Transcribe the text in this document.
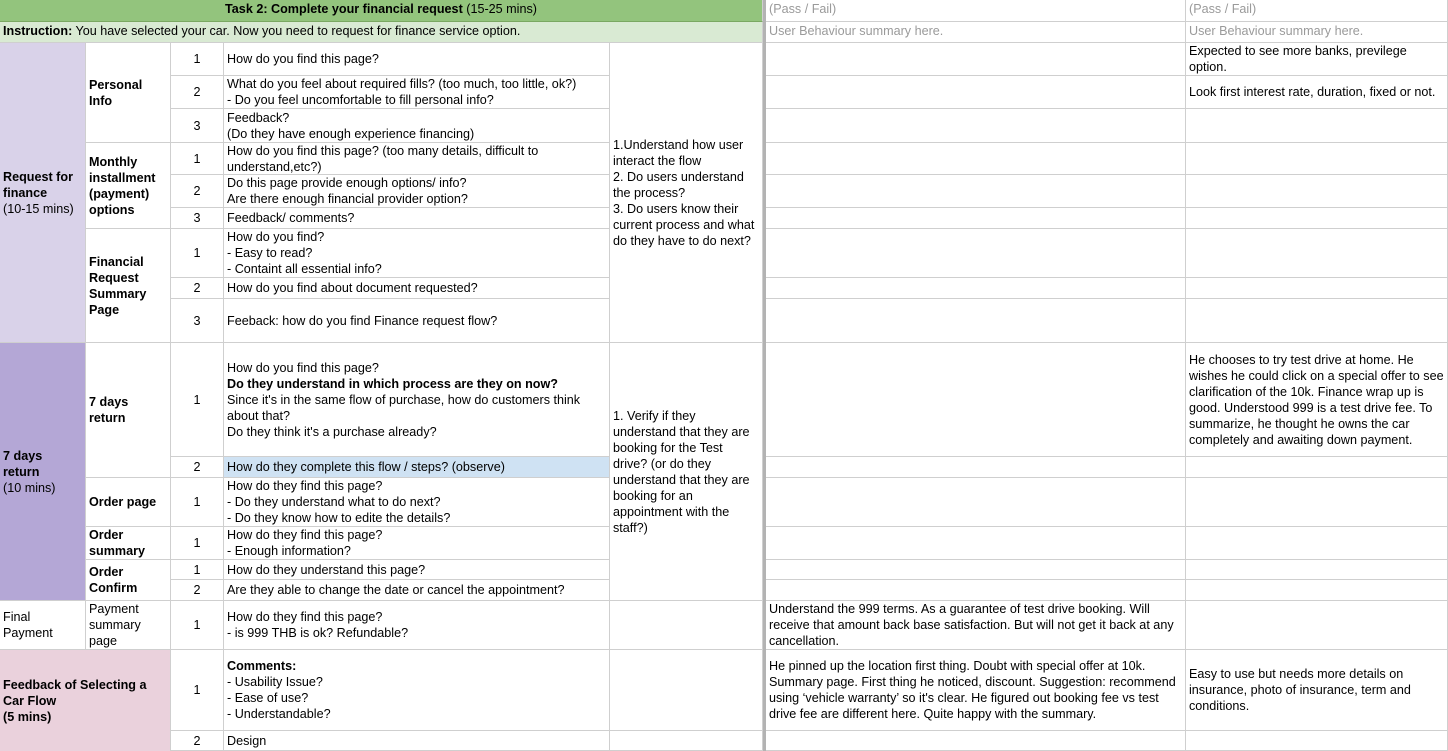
Task 2: Complete your financial request (15-25 mins)
Instruction: You have selected your car. Now you need to request for finance service option.
(Pass / Fail)
User Behaviour summary here.
(Pass / Fail)
User Behaviour summary here.
Request for finance
(10-15 mins)
Personal Info
Monthly installment (payment) options
Financial Request Summary Page
1
2
3
1
2
3
1
2
3
How do you find this page?
What do you feel about required fills? (too much, too little, ok?)
- Do you feel uncomfortable to fill personal info?
Feedback?
(Do they have enough experience financing)
How do you find this page? (too many details, difficult to understand,etc?)
Do this page provide enough options/ info?
Are there enough financial provider option?
Feedback/ comments?
How do you find?
- Easy to read?
- Containt all essential info?
How do you find about document requested?
Feeback: how do you find Finance request flow?
1.Understand how user interact the flow
2. Do users understand the process?
3. Do users know their current process and what do they have to do next?
7 days return
(10 mins)
7 days return
Order page
Order summary
Order Confirm
1
2
1
1
1
2
How do you find this page?
Do they understand in which process are they on now?
Since it's in the same flow of purchase, how do customers think about that?
Do they think it's a purchase already?
How do they complete this flow / steps? (observe)
How do they find this page?
- Do they understand what to do next?
- Do they know how to edite the details?
How do they find this page?
- Enough information?
How do they understand this page?
Are they able to change the date or cancel the appointment?
1. Verify if they understand that they are booking for the Test drive? (or do they understand that they are booking for an appointment with the staff?)
Final Payment
Payment summary page
1
How do they find this page?
- is 999 THB is ok? Refundable?
Feedback of Selecting a Car Flow
(5 mins)
1
2
Comments:
- Usability Issue?
- Ease of use?
- Understandable?
Design
Understand the 999 terms. As a guarantee of test drive booking. Will receive that amount back base satisfaction. But will not get it back at any cancellation.
He pinned up the location first thing. Doubt with special offer at 10k. Summary page. First thing he noticed, discount. Suggestion: recommend using ‘vehicle warranty’ so it's clear. He figured out booking fee vs test drive fee are different here. Quite happy with the summary.
Expected to see more banks, previlege option.
Look first interest rate, duration, fixed or not.
He chooses to try test drive at home. He wishes he could click on a special offer to see clarification of the 10k. Finance wrap up is good. Understood 999 is a test drive fee. To summarize, he thought he owns the car completely and awaiting down payment.
Easy to use but needs more details on insurance, photo of insurance, term and conditions.
